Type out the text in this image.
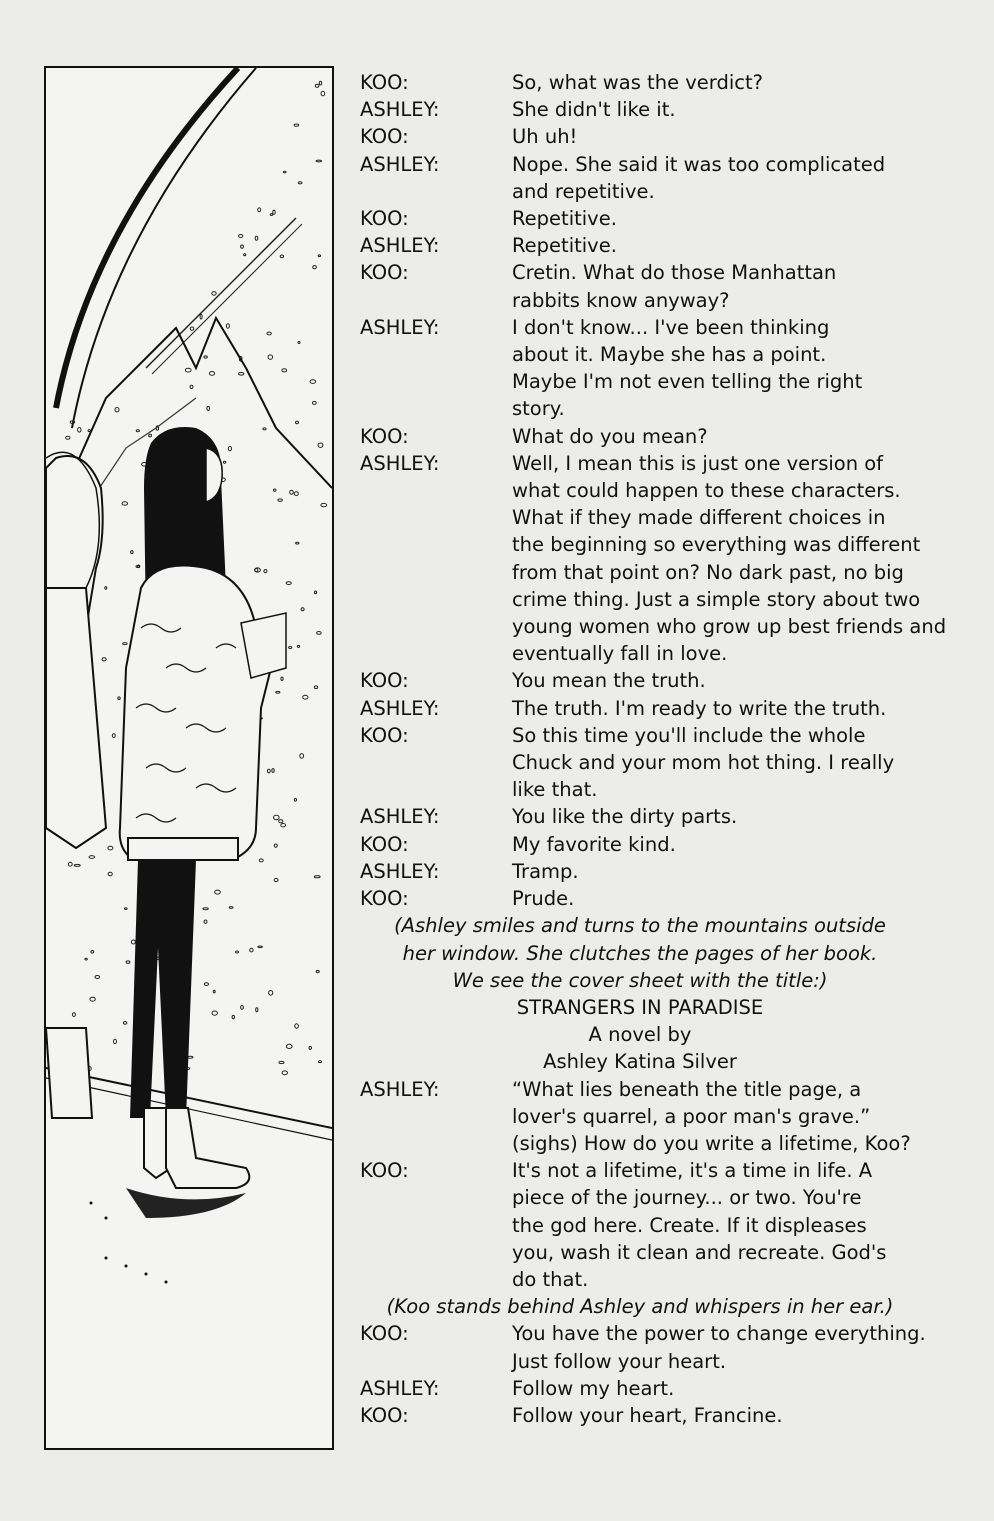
KOO:	So, what was the verdict?
ASHLEY:	She didn't like it.
KOO:	Uh uh!
ASHLEY:	Nope. She said it was too complicated
and repetitive.
KOO:	Repetitive.
ASHLEY:	Repetitive.
KOO:	Cretin. What do those Manhattan
rabbits know anyway?
ASHLEY:	I don't know... I've been thinking
about it. Maybe she has a point.
Maybe I'm not even telling the right
story.
KOO:	What do you mean?
ASHLEY:	Well, I mean this is just one version of
what could happen to these characters.
What if they made different choices in
the beginning so everything was different
from that point on? No dark past, no big
crime thing. Just a simple story about two
young women who grow up best friends and
eventually fall in love.
KOO:	You mean the truth.
ASHLEY:	The truth. I'm ready to write the truth.
KOO:	So this time you'll include the whole
Chuck and your mom hot thing. I really
like that.
ASHLEY:	You like the dirty parts.
KOO:	My favorite kind.
ASHLEY:	Tramp.
KOO:	Prude.
(Ashley smiles and turns to the mountains outside
her window. She clutches the pages of her book.
We see the cover sheet with the title:)
STRANGERS IN PARADISE
A novel by
Ashley Katina Silver
ASHLEY:	“What lies beneath the title page, a
lover's quarrel, a poor man's grave.”
(sighs) How do you write a lifetime, Koo?
KOO:	It's not a lifetime, it's a time in life. A
piece of the journey... or two. You're
the god here. Create. If it displeases
you, wash it clean and recreate. God's
do that.
(Koo stands behind Ashley and whispers in her ear.)
KOO:	You have the power to change everything.
Just follow your heart.
ASHLEY:	Follow my heart.
KOO:	Follow your heart, Francine.
